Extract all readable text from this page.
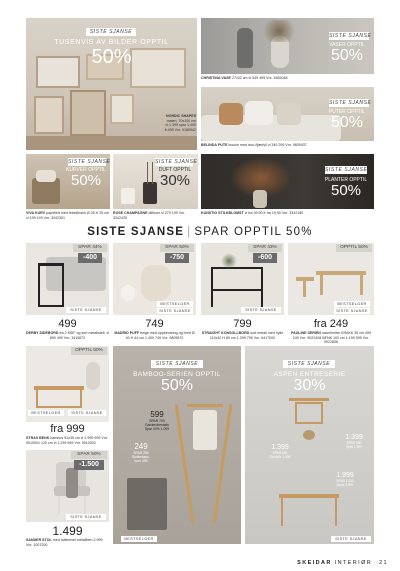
SISTE SJANSE
TUSENVIS AV BILDER OPPTIL
50%
NORDIC SHAPES
maleri, 70x100 cm
vl.1.399 spar 1.400
fr.499 Vnr. 9180542
SISTE SJANSE
VASER OPPTIL
50%
CHRISTINA VASE 27x32 cm vl 549 499 Vnr. 4582048
SISTE SJANSE
PUTER OPPTIL
50%
BELINDA PUTE boucle med dun-/fjærfyll vl 349 299 Vnr. 9809437
SISTE SJANSE
KURVER OPPTIL
50%
VIVA KURV papirflett med tekstilhank Ø 28 H 25 cm vl 199 149 Vnr. 3342301
SISTE SJANSE
DUFT OPPTIL
30%
ROSE CHAMPAGNE diffuser vl 279 199 Vnr. 3342430
SISTE SJANSE
PLANTER OPPTIL
50%
KUNSTIG STILKBLOMST vl fra 39,90 fr fra 19,90 Vnr. 3342180
SISTE SJANSE | SPAR OPPTIL 50%
SPAR 44%
-400
SISTE SJANSE
499
DERBY SIDEBORD fra 2 MDF og sort metallstell. vl 899 499 Vnr. 3410872
SPAR 50%
-750
BESTSELGER
SISTE SJANSE
749
MADRID PUFF beige med oppbevaring og brett Ø 40 H 44 cm 1.499 749 Vnr. 9809672
SPAR 43%
-600
SISTE SJANSE
799
STRAIGHT KONSOLLBORD sort metall med hylle 110x32 H 80 cm 1.399 799 Vnr. 6417000
OPPTIL 50%
BESTSELGER
SISTE SJANSE
fra 249
PAULINE SERIEN natur/heltre KRAKK 35 cm 499 249 Vnr. 9022408 BENK 100 cm 1.199 599 Vnr. 9022806
OPPTIL 50%
BESTSELGER	SISTE SJANSE
fra 999
STRAX BENK bambus 91x35 cm vl 1.999 999 Vnr. 9010001 120 cm vl 1.299 999 Vnr. 9010002
SPAR 50%
-1.500
SISTE SJANSE
1.499
SANDER STOL med hvitbeiset metallben 2.999 Vnr. 1007200
SISTE SJANSE
BAMBOO-SERIEN OPPTIL
50%
599
SPAR 700
Garderobestativ
Spar 40% 1.099
249
SPAR 250
Skittentøys-
kurv 499
BESTSELGER
SISTE SJANSE
ASPEN ENTRESERIE
30%
1.399
SPAR 600
Skohylle 1.999
1.399
SPAR 600
Speil 1.999
1.999
SPAR 1.000
Benk 2.999
SISTE SJANSE
SKEIDAR INTERIØR 21
